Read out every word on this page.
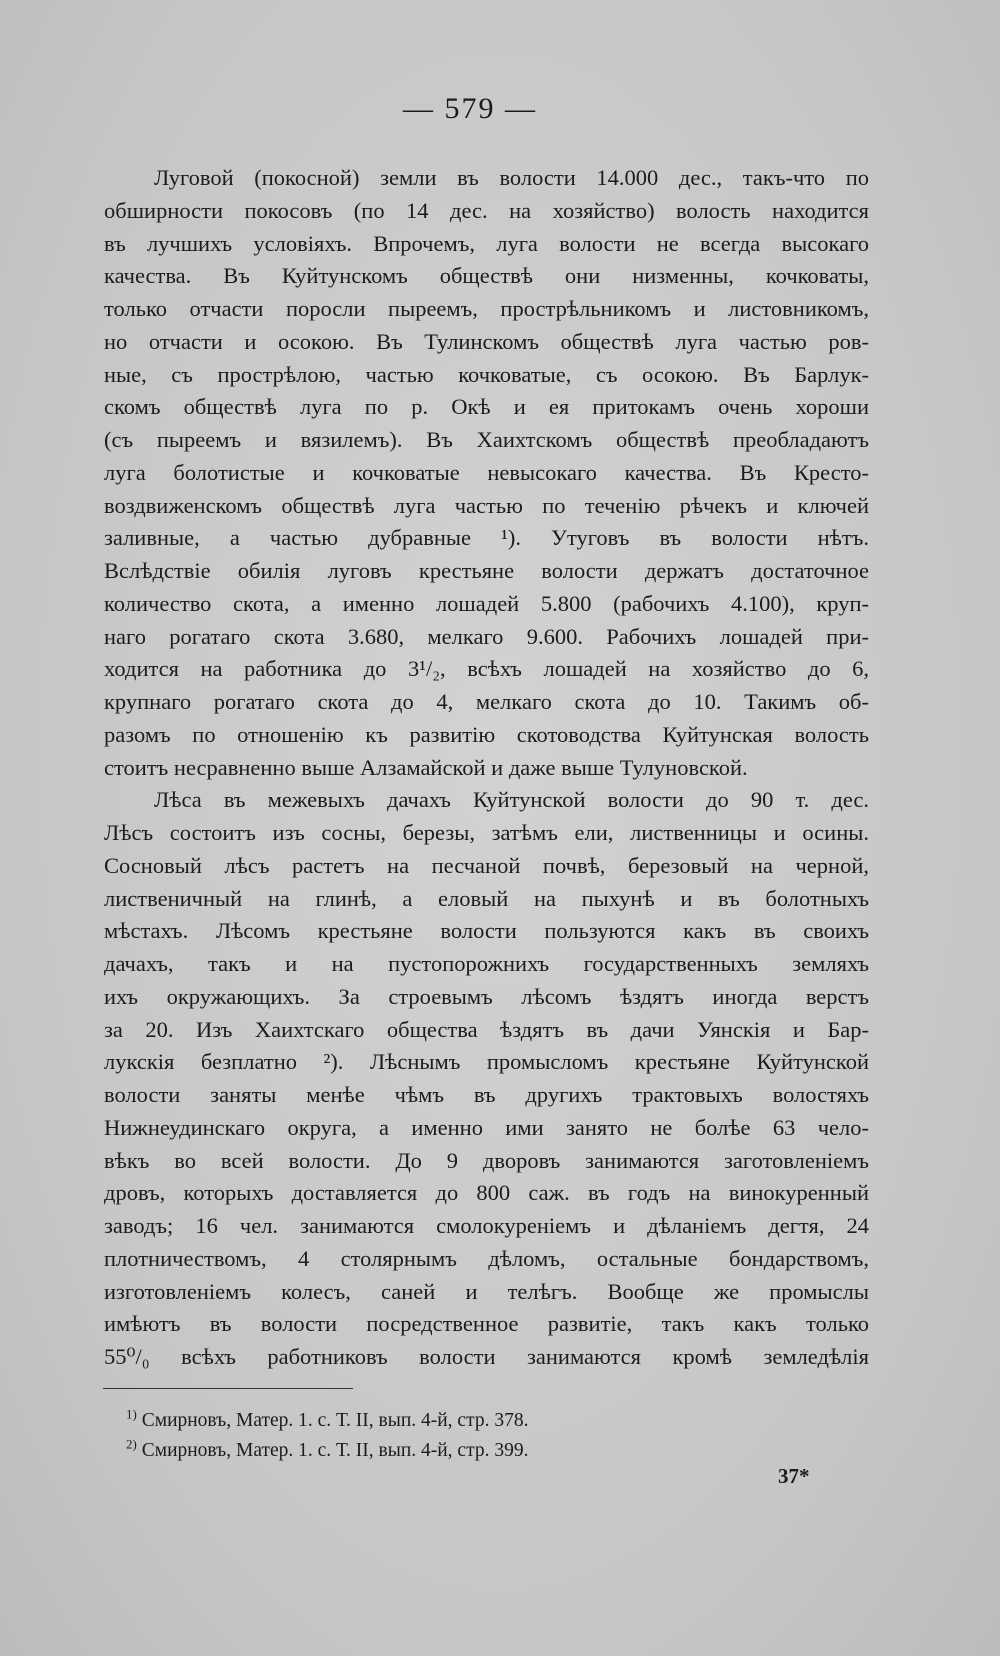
— 579 —
Луговой (покосной) земли въ волости 14.000 дес., такъ-что по
обширности покосовъ (по 14 дес. на хозяйство) волость находится
въ лучшихъ условiяхъ. Впрочемъ, луга волости не всегда высокаго
качества. Въ Куйтунскомъ обществѣ они низменны, кочковаты,
только отчасти поросли пыреемъ, прострѣльникомъ и листовникомъ,
но отчасти и осокою. Въ Тулинскомъ обществѣ луга частью ров-
ные, съ прострѣлою, частью кочковатые, съ осокою. Въ Барлук-
скомъ обществѣ луга по р. Окѣ и ея притокамъ очень хороши
(съ пыреемъ и вязилемъ). Въ Хаихтскомъ обществѣ преобладаютъ
луга болотистые и кочковатые невысокаго качества. Въ Кресто-
воздвиженскомъ обществѣ луга частью по теченiю рѣчекъ и ключей
заливные, а частью дубравные ¹). Утуговъ въ волости нѣтъ.
Вслѣдствiе обилiя луговъ крестьяне волости держатъ достаточное
количество скота, а именно лошадей 5.800 (рабочихъ 4.100), круп-
наго рогатаго скота 3.680, мелкаго 9.600. Рабочихъ лошадей при-
ходится на работника до 3¹/₂, всѣхъ лошадей на хозяйство до 6,
крупнаго рогатаго скота до 4, мелкаго скота до 10. Такимъ об-
разомъ по отношенiю къ развитiю скотоводства Куйтунская волость
стоитъ несравненно выше Алзамайской и даже выше Тулуновской.
Лѣса въ межевыхъ дачахъ Куйтунской волости до 90 т. дес.
Лѣсъ состоитъ изъ сосны, березы, затѣмъ ели, лиственницы и осины.
Сосновый лѣсъ растетъ на песчаной почвѣ, березовый на черной,
лиственичный на глинѣ, а еловый на пыхунѣ и въ болотныхъ
мѣстахъ. Лѣсомъ крестьяне волости пользуются какъ въ своихъ
дачахъ, такъ и на пустопорожнихъ государственныхъ земляхъ
ихъ окружающихъ. За строевымъ лѣсомъ ѣздятъ иногда верстъ
за 20. Изъ Хаихтскаго общества ѣздятъ въ дачи Уянскiя и Бар-
лукскiя безплатно ²). Лѣснымъ промысломъ крестьяне Куйтунской
волости заняты менѣе чѣмъ въ другихъ трактовыхъ волостяхъ
Нижнеудинскаго округа, а именно ими занято не болѣе 63 чело-
вѣкъ во всей волости. До 9 дворовъ занимаются заготовленiемъ
дровъ, которыхъ доставляется до 800 саж. въ годъ на винокуренный
заводъ; 16 чел. занимаются смолокуренiемъ и дѣланiемъ дегтя, 24
плотничествомъ, 4 столярнымъ дѣломъ, остальные бондарствомъ,
изготовленiемъ колесъ, саней и телѣгъ. Вообще же промыслы
имѣютъ въ волости посредственное развитiе, такъ какъ только
55⁰/₀ всѣхъ работниковъ волости занимаются кромѣ земледѣлiя
$^{1)}$ Смирновъ, Матер. 1. с. Т. II, вып. 4-й, стр. 378.
$^{2)}$ Смирновъ, Матер. 1. с. Т. II, вып. 4-й, стр. 399.
37*
